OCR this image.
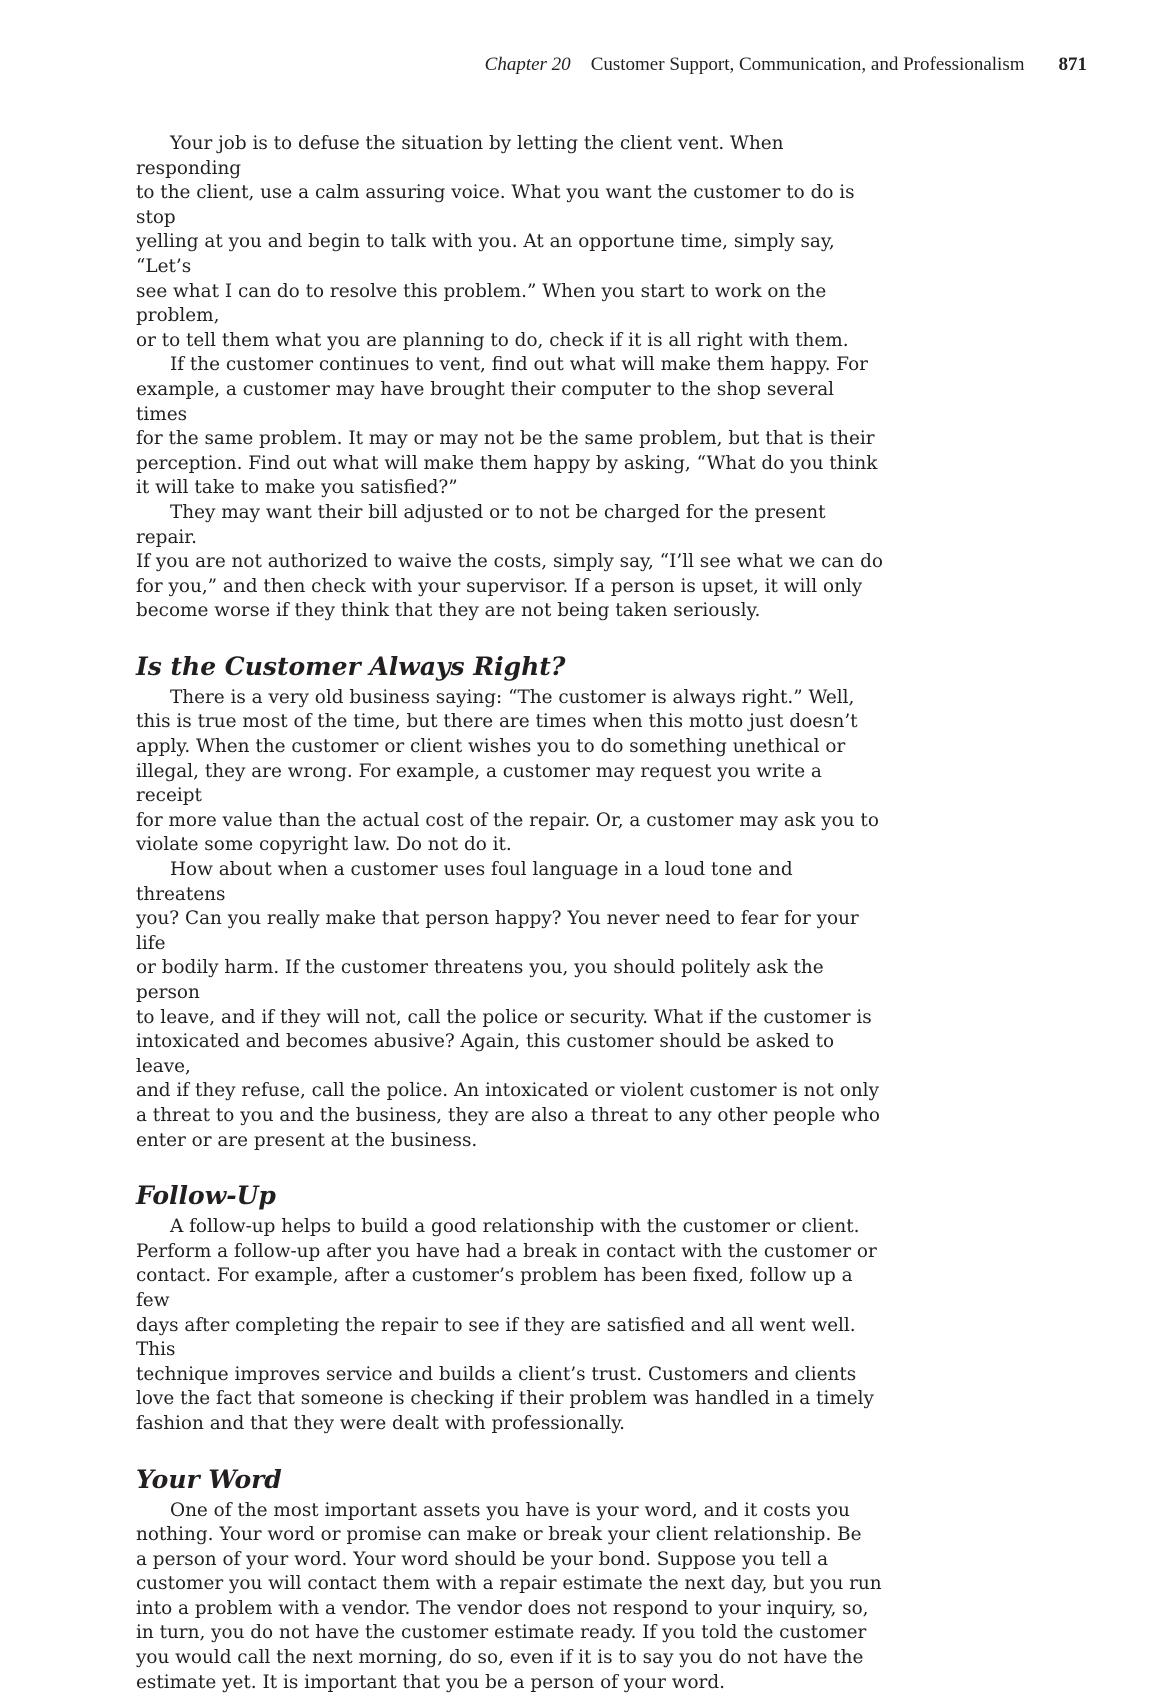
Chapter 20 Customer Support, Communication, and Professionalism 871

Your job is to defuse the situation by letting the client vent. When responding
to the client, use a calm assuring voice. What you want the customer to do is stop
yelling at you and begin to talk with you. At an opportune time, simply say, “Let’s
see what I can do to resolve this problem.” When you start to work on the problem,
or to tell them what you are planning to do, check if it is all right with them.

If the customer continues to vent, find out what will make them happy. For
example, a customer may have brought their computer to the shop several times
for the same problem. It may or may not be the same problem, but that is their
perception. Find out what will make them happy by asking, “What do you think
it will take to make you satisfied?”

They may want their bill adjusted or to not be charged for the present repair.
If you are not authorized to waive the costs, simply say, “I’ll see what we can do
for you,” and then check with your supervisor. If a person is upset, it will only
become worse if they think that they are not being taken seriously.

Is the Customer Always Right?

There is a very old business saying: “The customer is always right.” Well,
this is true most of the time, but there are times when this motto just doesn’t
apply. When the customer or client wishes you to do something unethical or
illegal, they are wrong. For example, a customer may request you write a receipt
for more value than the actual cost of the repair. Or, a customer may ask you to
violate some copyright law. Do not do it.

How about when a customer uses foul language in a loud tone and threatens
you? Can you really make that person happy? You never need to fear for your life
or bodily harm. If the customer threatens you, you should politely ask the person
to leave, and if they will not, call the police or security. What if the customer is
intoxicated and becomes abusive? Again, this customer should be asked to leave,
and if they refuse, call the police. An intoxicated or violent customer is not only
a threat to you and the business, they are also a threat to any other people who
enter or are present at the business.

Follow-Up

A follow-up helps to build a good relationship with the customer or client.
Perform a follow-up after you have had a break in contact with the customer or
contact. For example, after a customer’s problem has been fixed, follow up a few
days after completing the repair to see if they are satisfied and all went well. This
technique improves service and builds a client’s trust. Customers and clients
love the fact that someone is checking if their problem was handled in a timely
fashion and that they were dealt with professionally.

Your Word

One of the most important assets you have is your word, and it costs you
nothing. Your word or promise can make or break your client relationship. Be
a person of your word. Your word should be your bond. Suppose you tell a
customer you will contact them with a repair estimate the next day, but you run
into a problem with a vendor. The vendor does not respond to your inquiry, so,
in turn, you do not have the customer estimate ready. If you told the customer
you would call the next morning, do so, even if it is to say you do not have the
estimate yet. It is important that you be a person of your word.
